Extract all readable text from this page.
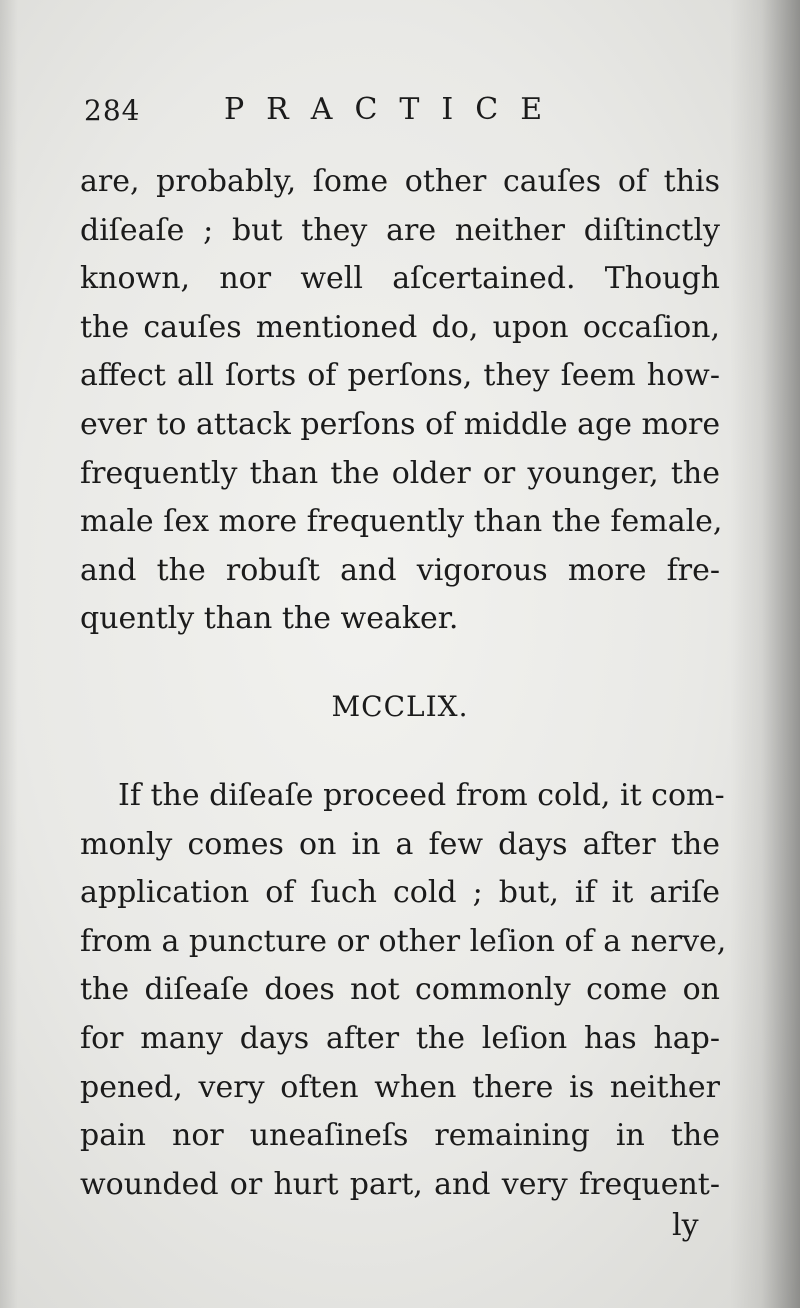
284	PRACTICE
are, probably, ſome other cauſes of this
diſeaſe ; but they are neither diſtinctly
known, nor well aſcertained. Though
the cauſes mentioned do, upon occaſion,
affect all ſorts of perſons, they ſeem how-
ever to attack perſons of middle age more
frequently than the older or younger, the
male ſex more frequently than the female,
and the robuſt and vigorous more fre-
quently than the weaker.
MCCLIX.
If the diſeaſe proceed from cold, it com-
monly comes on in a few days after the
application of ſuch cold ; but, if it ariſe
from a puncture or other leſion of a nerve,
the diſeaſe does not commonly come on
for many days after the leſion has hap-
pened, very often when there is neither
pain nor uneaſineſs remaining in the
wounded or hurt part, and very frequent-
ly
